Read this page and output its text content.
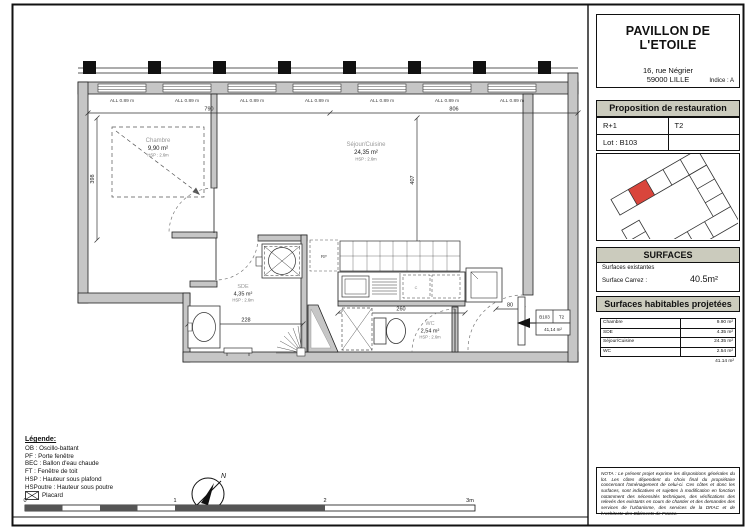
ALL 0.89 m	ALL 0.89 m	ALL 0.89 m	ALL 0.89 m	ALL 0.89 m	ALL 0.89 m	ALL 0.89 m
790	806
398	407
228
260
80
RF
C
Chambre
9,90 m²
HSP : 2.6m
Séjour/Cuisine
24,35 m²
HSP : 2.6m
SDE
4,35 m²
HSP : 2.6m
WC
2,54 m²
HSP : 2.6m
B103 T2
41,14 m²
N
0	1	2	3m
PAVILLON DE L'ETOILE
16, rue Négrier
59000 LILLE	Indice : A
Proposition de restauration
R+1	T2
Lot : B103
SURFACES
Surfaces existantes
Surface Carrez :	40.5m²
Surfaces habitables projetées
Chambre	9.90 m²
SDE	4.35 m²
Séjour/Cuisine	24.35 m²
WC	2.54 m²
41.14 m²
NOTA : Le présent projet exprime les dispositions générales du lot. Les côtes dépendent du choix final du propriétaire concernant l'aménagement de celui-ci. Ces côtes et donc les surfaces, sont indicatives et sujettes à modification en fonction notamment des nécessités techniques, des vérifications des relevés des existants en cours de chantier et des demandes des services de l'urbanisme, des services de la DRAC et de l'Architecte des Bâtiments de France.
Légende:
OB : Oscillo-battant
PF : Porte fenêtre
BEC : Ballon d'eau chaude
FT : Fenêtre de toit
HSP : Hauteur sous plafond
HSPoutre : Hauteur sous poutre
Placard
